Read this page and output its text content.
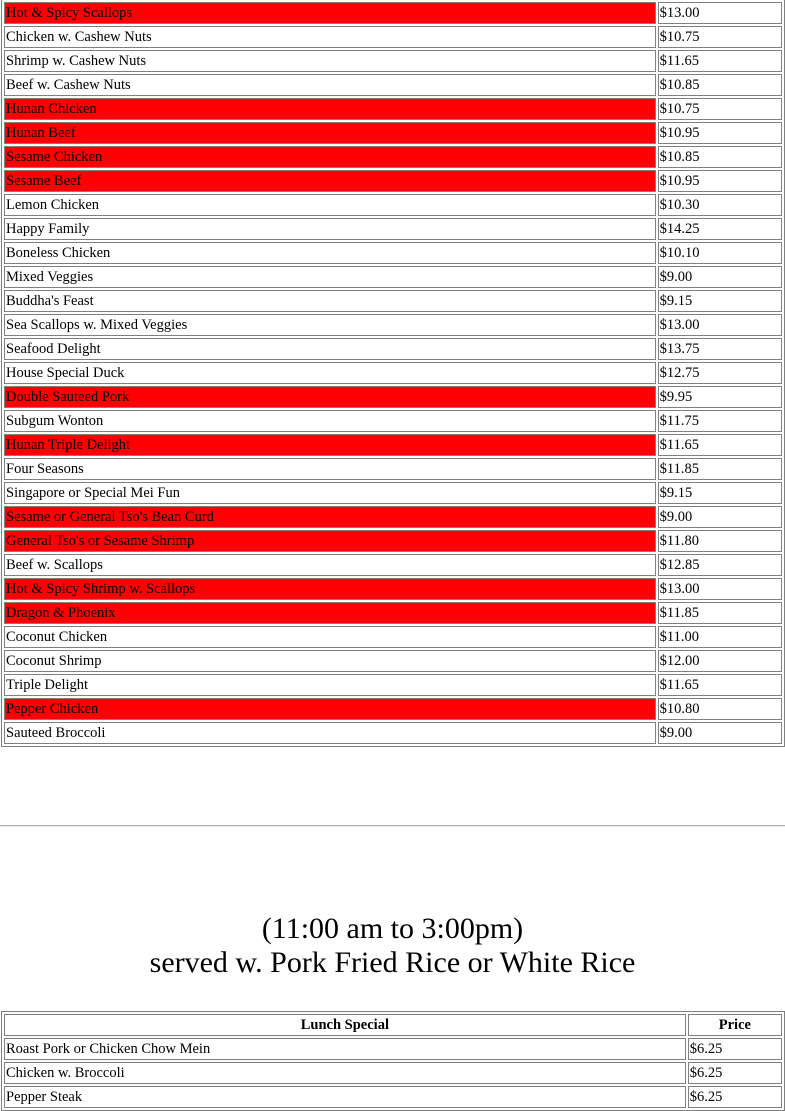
Hot & Spicy Scallops	$13.00
Chicken w. Cashew Nuts	$10.75
Shrimp w. Cashew Nuts	$11.65
Beef w. Cashew Nuts	$10.85
Hunan Chicken	$10.75
Hunan Beef	$10.95
Sesame Chicken	$10.85
Sesame Beef	$10.95
Lemon Chicken	$10.30
Happy Family	$14.25
Boneless Chicken	$10.10
Mixed Veggies	$9.00
Buddha's Feast	$9.15
Sea Scallops w. Mixed Veggies	$13.00
Seafood Delight	$13.75
House Special Duck	$12.75
Double Sauteed Pork	$9.95
Subgum Wonton	$11.75
Hunan Triple Delight	$11.65
Four Seasons	$11.85
Singapore or Special Mei Fun	$9.15
Sesame or General Tso's Bean Curd	$9.00
General Tso's or Sesame Shrimp	$11.80
Beef w. Scallops	$12.85
Hot & Spicy Shrimp w. Scallops	$13.00
Dragon & Phoenix	$11.85
Coconut Chicken	$11.00
Coconut Shrimp	$12.00
Triple Delight	$11.65
Pepper Chicken	$10.80
Sauteed Broccoli	$9.00
(11:00 am to 3:00pm)
served w. Pork Fried Rice or White Rice
Lunch Special	Price
Roast Pork or Chicken Chow Mein	$6.25
Chicken w. Broccoli	$6.25
Pepper Steak	$6.25
